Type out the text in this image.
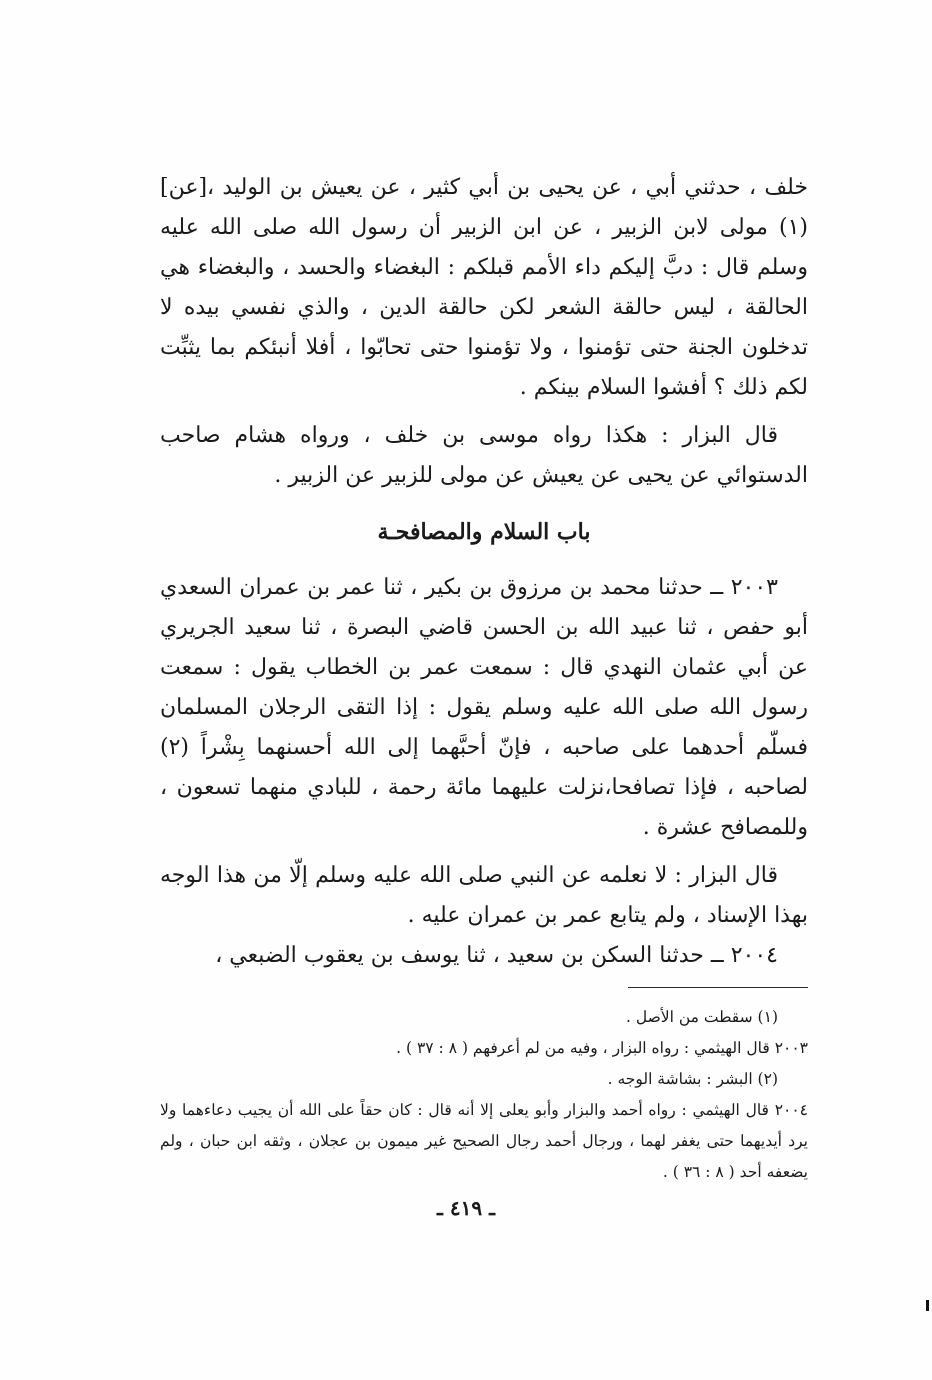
خلف ، حدثني أبي ، عن يحيى بن أبي كثير ، عن يعيش بن الوليد ،[عن](١) مولى لابن الزبير ، عن ابن الزبير أن رسول الله صلى الله عليه وسلم قال : دبَّ إليكم داء الأمم قبلكم : البغضاء والحسد ، والبغضاء هي الحالقة ، ليس حالقة الشعر لكن حالقة الدين ، والذي نفسي بيده لا تدخلون الجنة حتى تؤمنوا ، ولا تؤمنوا حتى تحابّوا ، أفلا أنبئكم بما يثبِّت لكم ذلك ؟ أفشوا السلام بينكم .

قال البزار : هكذا رواه موسى بن خلف ، ورواه هشام صاحب الدستوائي عن يحيى عن يعيش عن مولى للزبير عن الزبير .

باب السلام والمصافحـة

٢٠٠٣ ــ حدثنا محمد بن مرزوق بن بكير ، ثنا عمر بن عمران السعدي أبو حفص ، ثنا عبيد الله بن الحسن قاضي البصرة ، ثنا سعيد الجريري عن أبي عثمان النهدي قال : سمعت عمر بن الخطاب يقول : سمعت رسول الله صلى الله عليه وسلم يقول : إذا التقى الرجلان المسلمان فسلّم أحدهما على صاحبه ، فإنّ أحبَّهما إلى الله أحسنهما بِشْراً (٢) لصاحبه ، فإذا تصافحا،نزلت عليهما مائة رحمة ، للبادي منهما تسعون ، وللمصافح عشرة .

قال البزار : لا نعلمه عن النبي صلى الله عليه وسلم إلّا من هذا الوجه بهذا الإسناد ، ولم يتابع عمر بن عمران عليه .

٢٠٠٤ ــ حدثنا السكن بن سعيد ، ثنا يوسف بن يعقوب الضبعي ،

(١) سقطت من الأصل .

٢٠٠٣ قال الهيثمي : رواه البزار ، وفيه من لم أعرفهم ( ٨ : ٣٧ ) .

(٢) البشر : بشاشة الوجه .

٢٠٠٤ قال الهيثمي : رواه أحمد والبزار وأبو يعلى إلا أنه قال : كان حقاً على الله أن يجيب دعاءهما ولا يرد أيديهما حتى يغفر لهما ، ورجال أحمد رجال الصحيح غير ميمون بن عجلان ، وثقه ابن حبان ، ولم يضعفه أحد ( ٨ : ٣٦ ) .

ـ ٤١٩ ـ
